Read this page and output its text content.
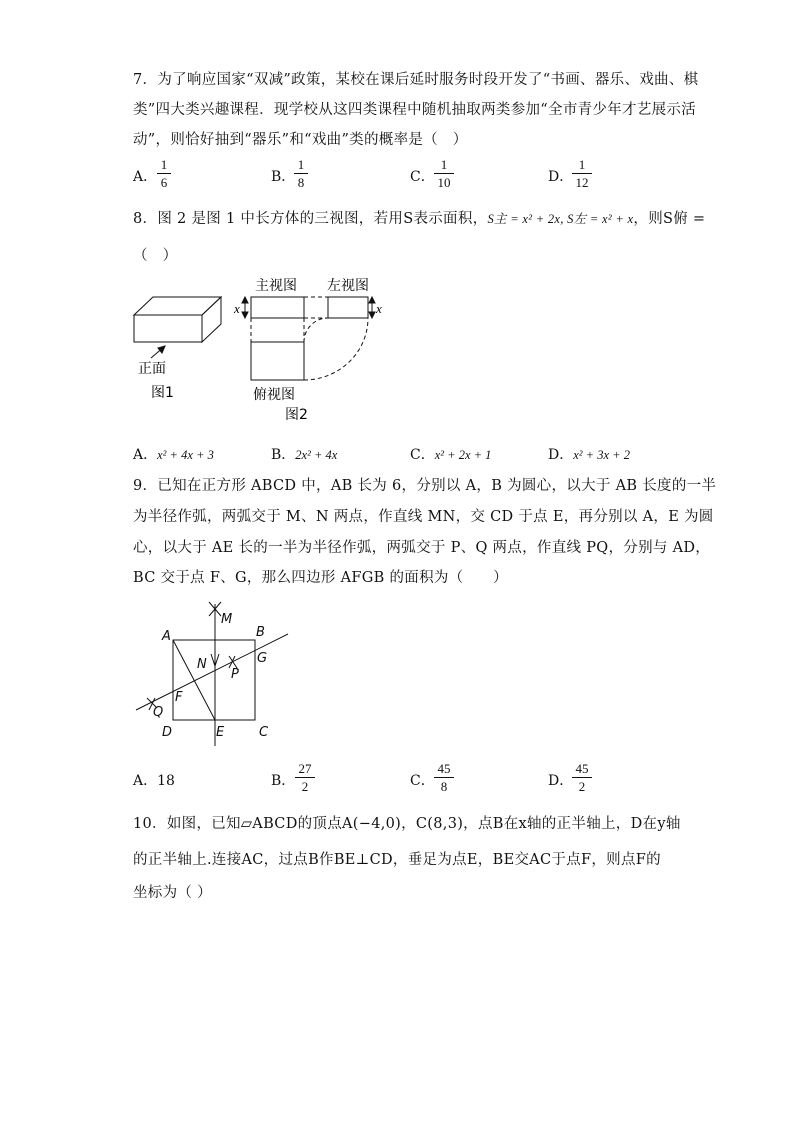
7．为了响应国家“双减”政策，某校在课后延时服务时段开发了“书画、器乐、戏曲、棋
类”四大类兴趣课程．现学校从这四类课程中随机抽取两类参加“全市青少年才艺展示活
动”，则恰好抽到“器乐”和“戏曲”类的概率是（　）
A． $\frac{1}{6}$	B．
$\frac{1}{8}$	C． $\frac{1}{10}$	D．
$\frac{1}{12}$
8．图 2 是图 1 中长方体的三视图，若用S表示面积，S主 = x² + 2x, S左 = x² + x，则S俯 =
（　）
正面
图1
主视图 左视图
x	x
俯视图
图2
A．x² + 4x + 3	B．2x² + 4x	C．x² + 2x + 1	D．x² + 3x + 2
9．已知在正方形 ABCD 中，AB 长为 6，分别以 A，B 为圆心，以大于 AB 长度的一半
为半径作弧，两弧交于 M、N 两点，作直线 MN，交 CD 于点 E，再分别以 A，E 为圆
心，以大于 AE 长的一半为半径作弧，两弧交于 P、Q 两点，作直线 PQ，分别与 AD，
BC 交于点 F、G，那么四边形 AFGB 的面积为（　　）
M
A	B
N	G
P
F
Q
D	E	C
A．18	B． $\frac{27}{2}$	C． $\frac{45}{8}$	D．
$\frac{45}{2}$
10．如图，已知▱ABCD的顶点A(−4,0)，C(8,3)，点B在x轴的正半轴上，D在y轴
的正半轴上.连接AC，过点B作BE⊥CD，垂足为点E，BE交AC于点F，则点F的
坐标为（ ）
